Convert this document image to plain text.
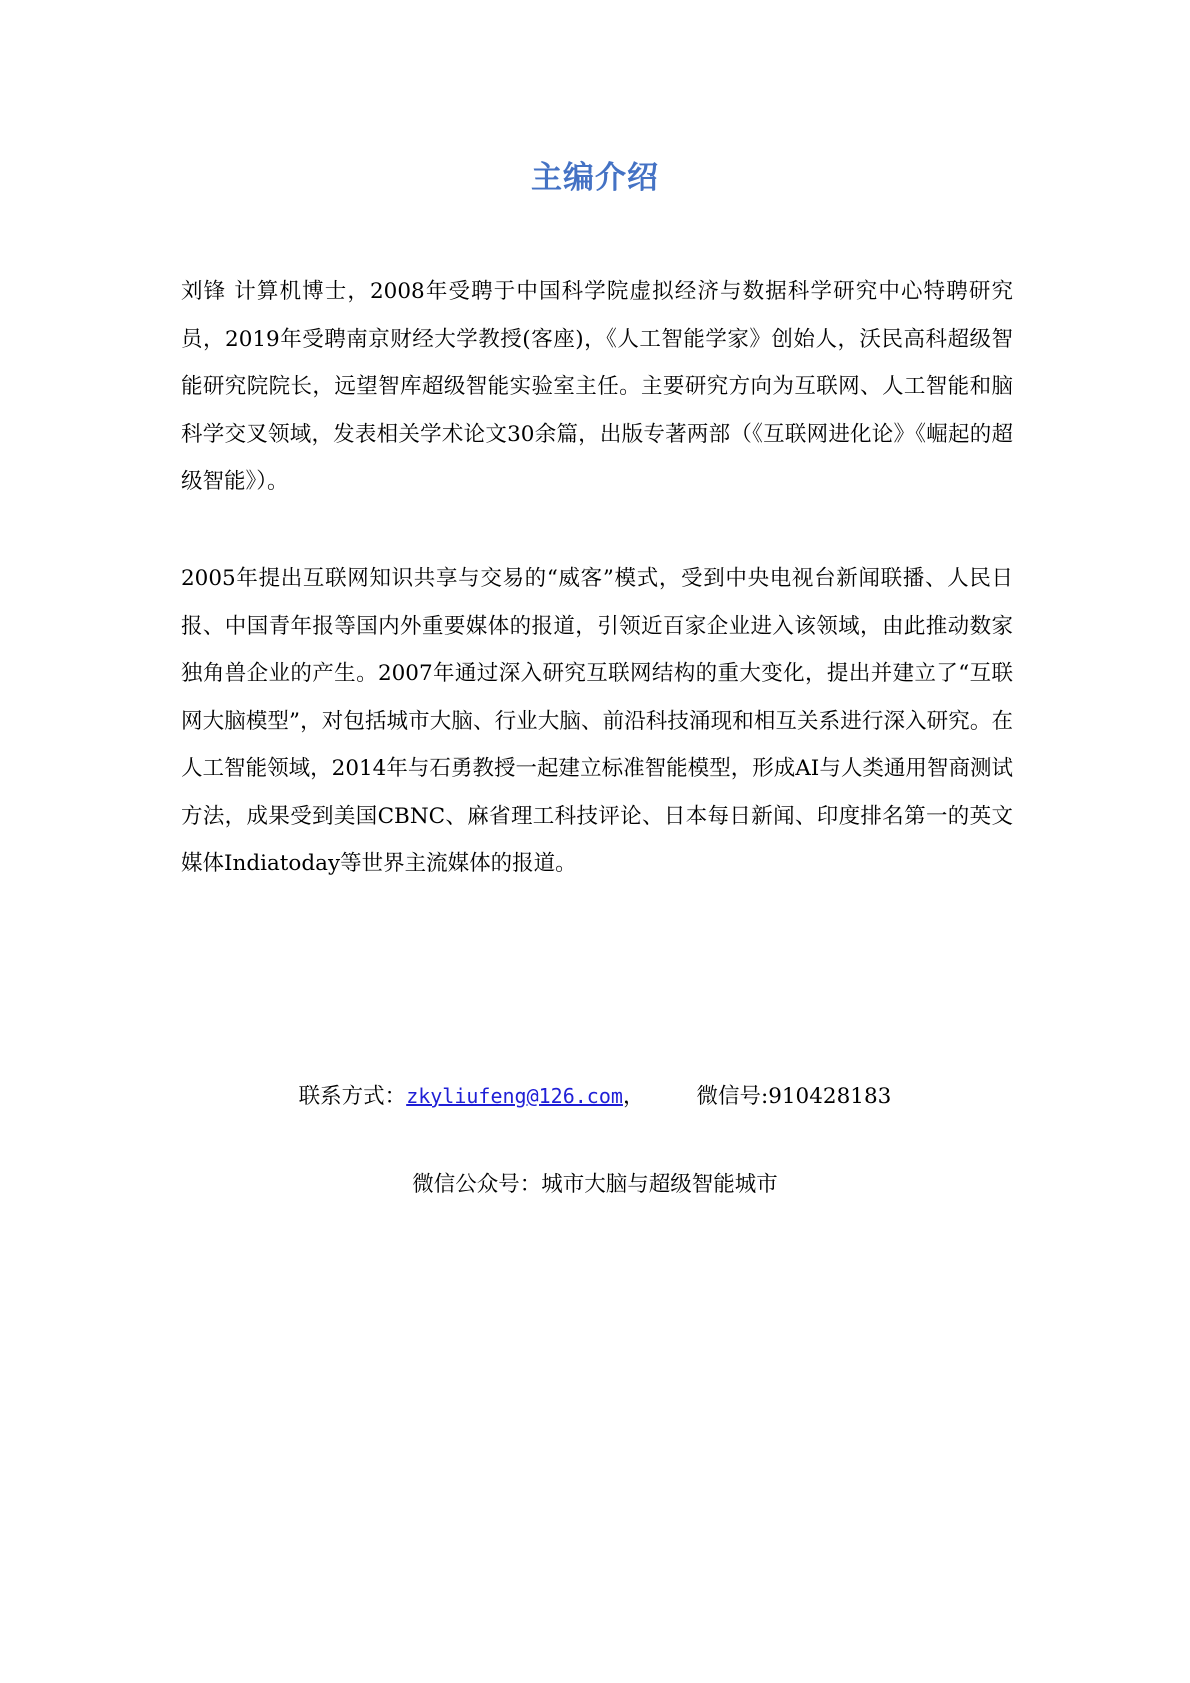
主编介绍

刘锋 计算机博士，2008年受聘于中国科学院虚拟经济与数据科学研究中心特聘研究员，2019年受聘南京财经大学教授(客座)，《人工智能学家》创始人，沃民高科超级智能研究院院长，远望智库超级智能实验室主任。主要研究方向为互联网、人工智能和脑科学交叉领域，发表相关学术论文30余篇，出版专著两部（《互联网进化论》《崛起的超级智能》）。

2005年提出互联网知识共享与交易的“威客”模式，受到中央电视台新闻联播、人民日报、中国青年报等国内外重要媒体的报道，引领近百家企业进入该领域，由此推动数家独角兽企业的产生。2007年通过深入研究互联网结构的重大变化，提出并建立了“互联网大脑模型”，对包括城市大脑、行业大脑、前沿科技涌现和相互关系进行深入研究。在人工智能领域，2014年与石勇教授一起建立标准智能模型，形成AI与人类通用智商测试方法，成果受到美国CBNC、麻省理工科技评论、日本每日新闻、印度排名第一的英文媒体Indiatoday等世界主流媒体的报道。

联系方式：zkyliufeng@126.com， 微信号:910428183
微信公众号：城市大脑与超级智能城市
